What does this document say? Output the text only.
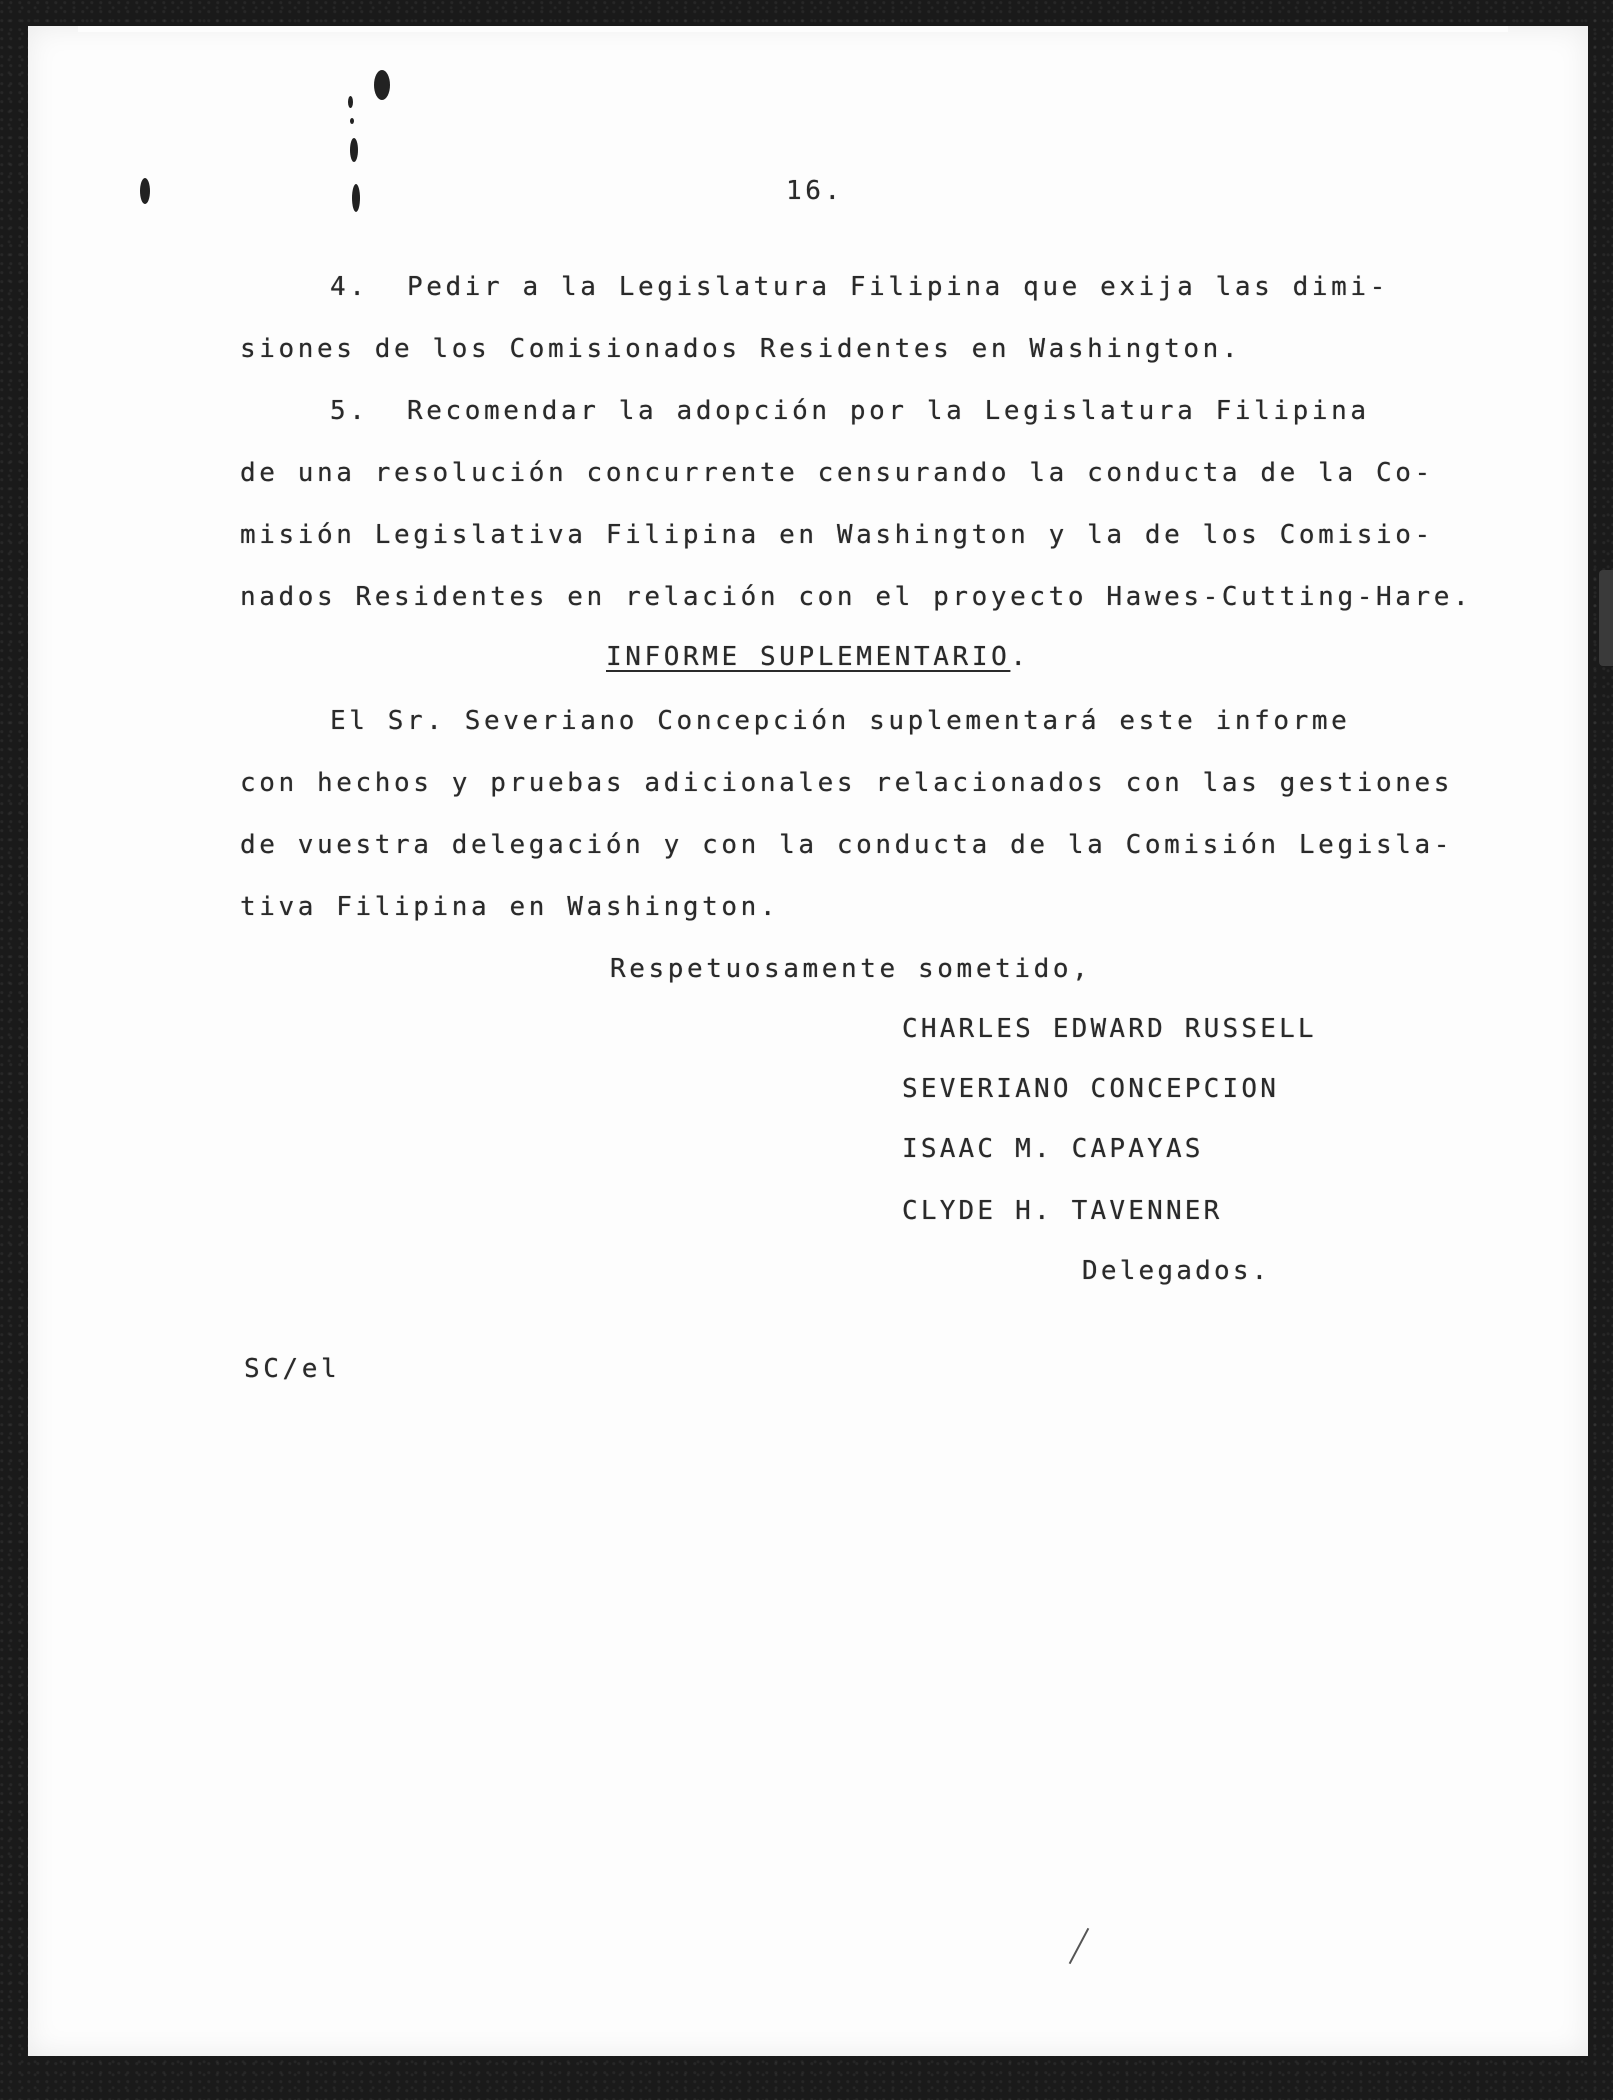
16.
4.  Pedir a la Legislatura Filipina que exija las dimi-
siones de los Comisionados Residentes en Washington.
5.  Recomendar la adopción por la Legislatura Filipina
de una resolución concurrente censurando la conducta de la Co-
misión Legislativa Filipina en Washington y la de los Comisio-
nados Residentes en relación con el proyecto Hawes-Cutting-Hare.
INFORME SUPLEMENTARIO.
El Sr. Severiano Concepción suplementará este informe
con hechos y pruebas adicionales relacionados con las gestiones
de vuestra delegación y con la conducta de la Comisión Legisla-
tiva Filipina en Washington.
Respetuosamente sometido,
CHARLES EDWARD RUSSELL
SEVERIANO CONCEPCION
ISAAC M. CAPAYAS
CLYDE H. TAVENNER
Delegados.
SC/el
